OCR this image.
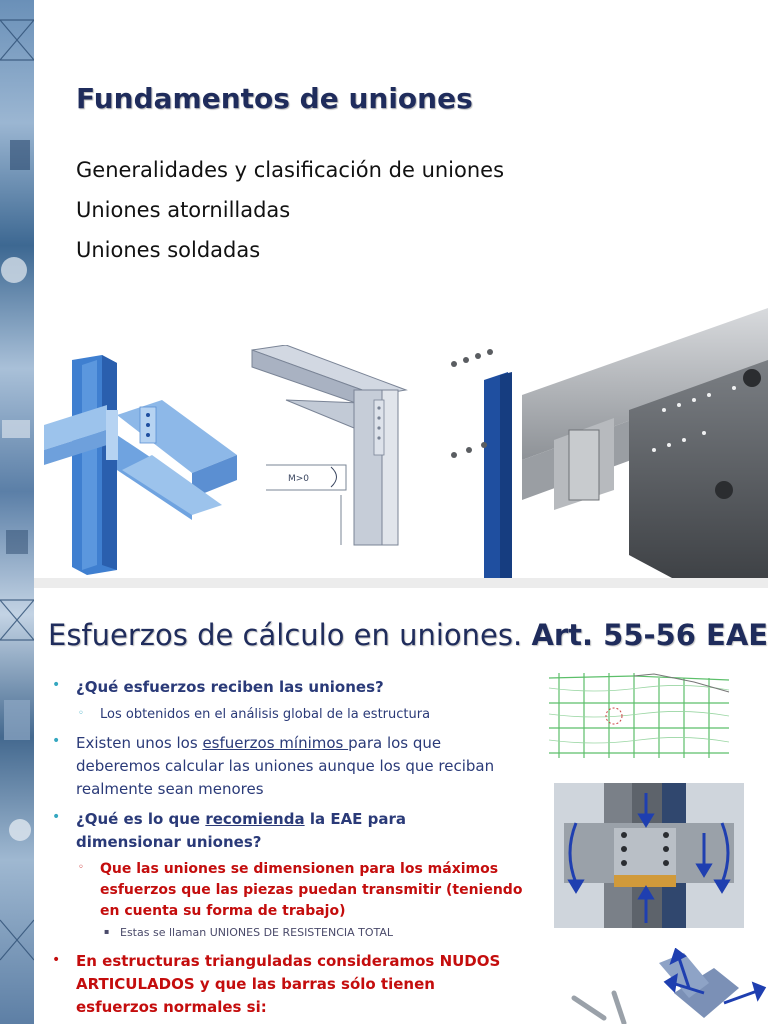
Fundamentos de uniones
Generalidades y clasificación de uniones
Uniones atornilladas
Uniones soldadas
M>0
Esfuerzos de cálculo en uniones. Art. 55-56 EAE
• ¿Qué esfuerzos reciben las uniones?
◦ Los obtenidos en el análisis global de la estructura
• Existen unos los esfuerzos mínimos para los que
deberemos calcular las uniones aunque los que reciban
realmente sean menores
• ¿Qué es lo que recomienda la EAE para
dimensionar uniones?
◦ Que las uniones se dimensionen para los máximos
esfuerzos que las piezas puedan transmitir (teniendo
en cuenta su forma de trabajo)
▪ Estas se llaman UNIONES DE RESISTENCIA TOTAL
• En estructuras trianguladas consideramos NUDOS
ARTICULADOS y que las barras sólo tienen
esfuerzos normales si:
